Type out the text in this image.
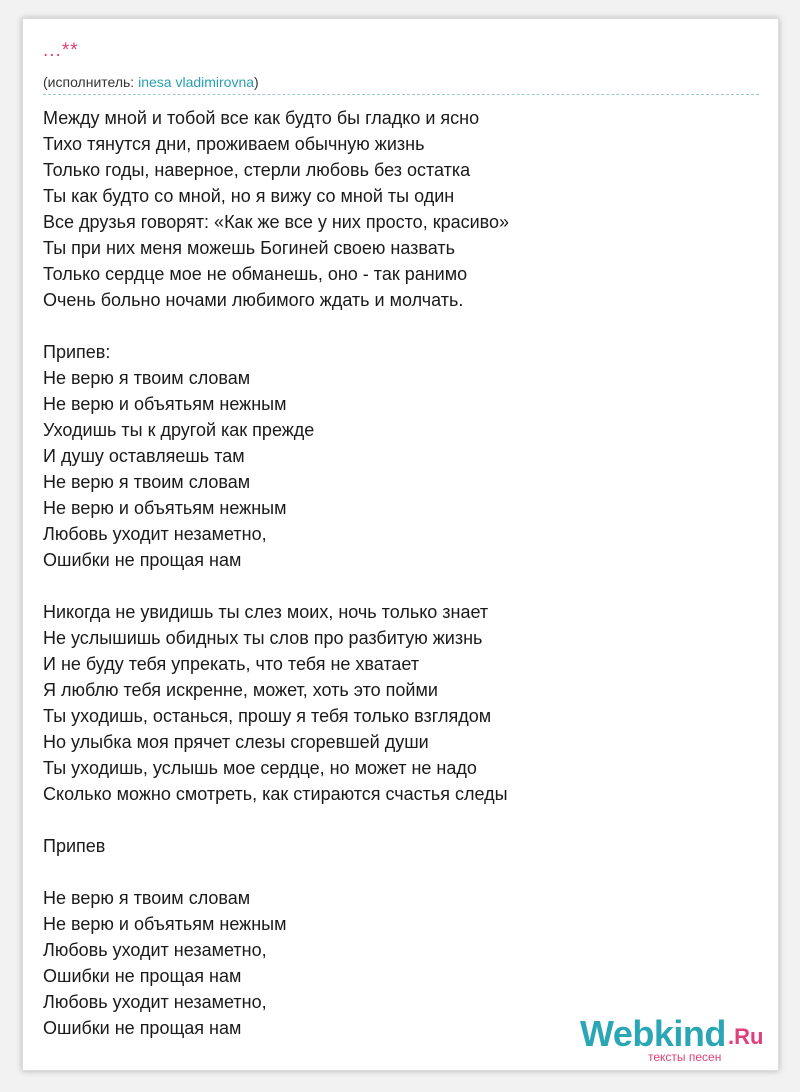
...**
(исполнитель: inesa vladimirovna)
Между мной и тобой все как будто бы гладко и ясно
Тихо тянутся дни, проживаем обычную жизнь
Только годы, наверное, стерли любовь без остатка
Ты как будто со мной, но я вижу со мной ты один
Все друзья говорят: «Как же все у них просто, красиво»
Ты при них меня можешь Богиней своею назвать
Только сердце мое не обманешь, оно - так ранимо
Очень больно ночами любимого ждать и молчать.
Припев:
Не верю я твоим словам
Не верю и объятьям нежным
Уходишь ты к другой как прежде
И душу оставляешь там
Не верю я твоим словам
Не верю и объятьям нежным
Любовь уходит незаметно,
Ошибки не прощая нам
Никогда не увидишь ты слез моих, ночь только знает
Не услышишь обидных ты слов про разбитую жизнь
И не буду тебя упрекать, что тебя не хватает
Я люблю тебя искренне, может, хоть это пойми
Ты уходишь, останься, прошу я тебя только взглядом
Но улыбка моя прячет слезы сгоревшей души
Ты уходишь, услышь мое сердце, но может не надо
Сколько можно смотреть, как стираются счастья следы
Припев
Не верю я твоим словам
Не верю и объятьям нежным
Любовь уходит незаметно,
Ошибки не прощая нам
Любовь уходит незаметно,
Ошибки не прощая нам	Webkind .Ru
тексты песен
